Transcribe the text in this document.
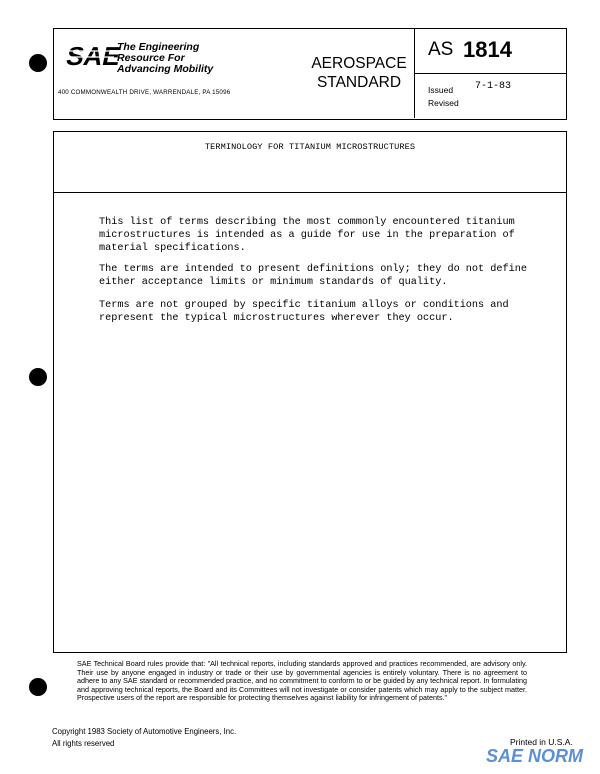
SAE
The Engineering
Resource For
Advancing Mobility
400 COMMONWEALTH DRIVE, WARRENDALE, PA 15096
AEROSPACE
STANDARD
AS 1814
Issued 7-1-83
Revised
TERMINOLOGY FOR TITANIUM MICROSTRUCTURES
This list of terms describing the most commonly encountered titanium microstructures is intended as a guide for use in the preparation of material specifications.
The terms are intended to present definitions only; they do not define either acceptance limits or minimum standards of quality.
Terms are not grouped by specific titanium alloys or conditions and represent the typical microstructures wherever they occur.
SAE Technical Board rules provide that: "All technical reports, including standards approved and practices recommended, are advisory only. Their use by anyone engaged in industry or trade or their use by governmental agencies is entirely voluntary. There is no agreement to adhere to any SAE standard or recommended practice, and no commitment to conform to or be guided by any technical report. In formulating and approving technical reports, the Board and its Committees will not investigate or consider patents which may apply to the subject matter. Prospective users of the report are responsible for protecting themselves against liability for infringement of patents."
Copyright 1983 Society of Automotive Engineers, Inc.
All rights reserved	Printed in U.S.A.
SAE NORM
